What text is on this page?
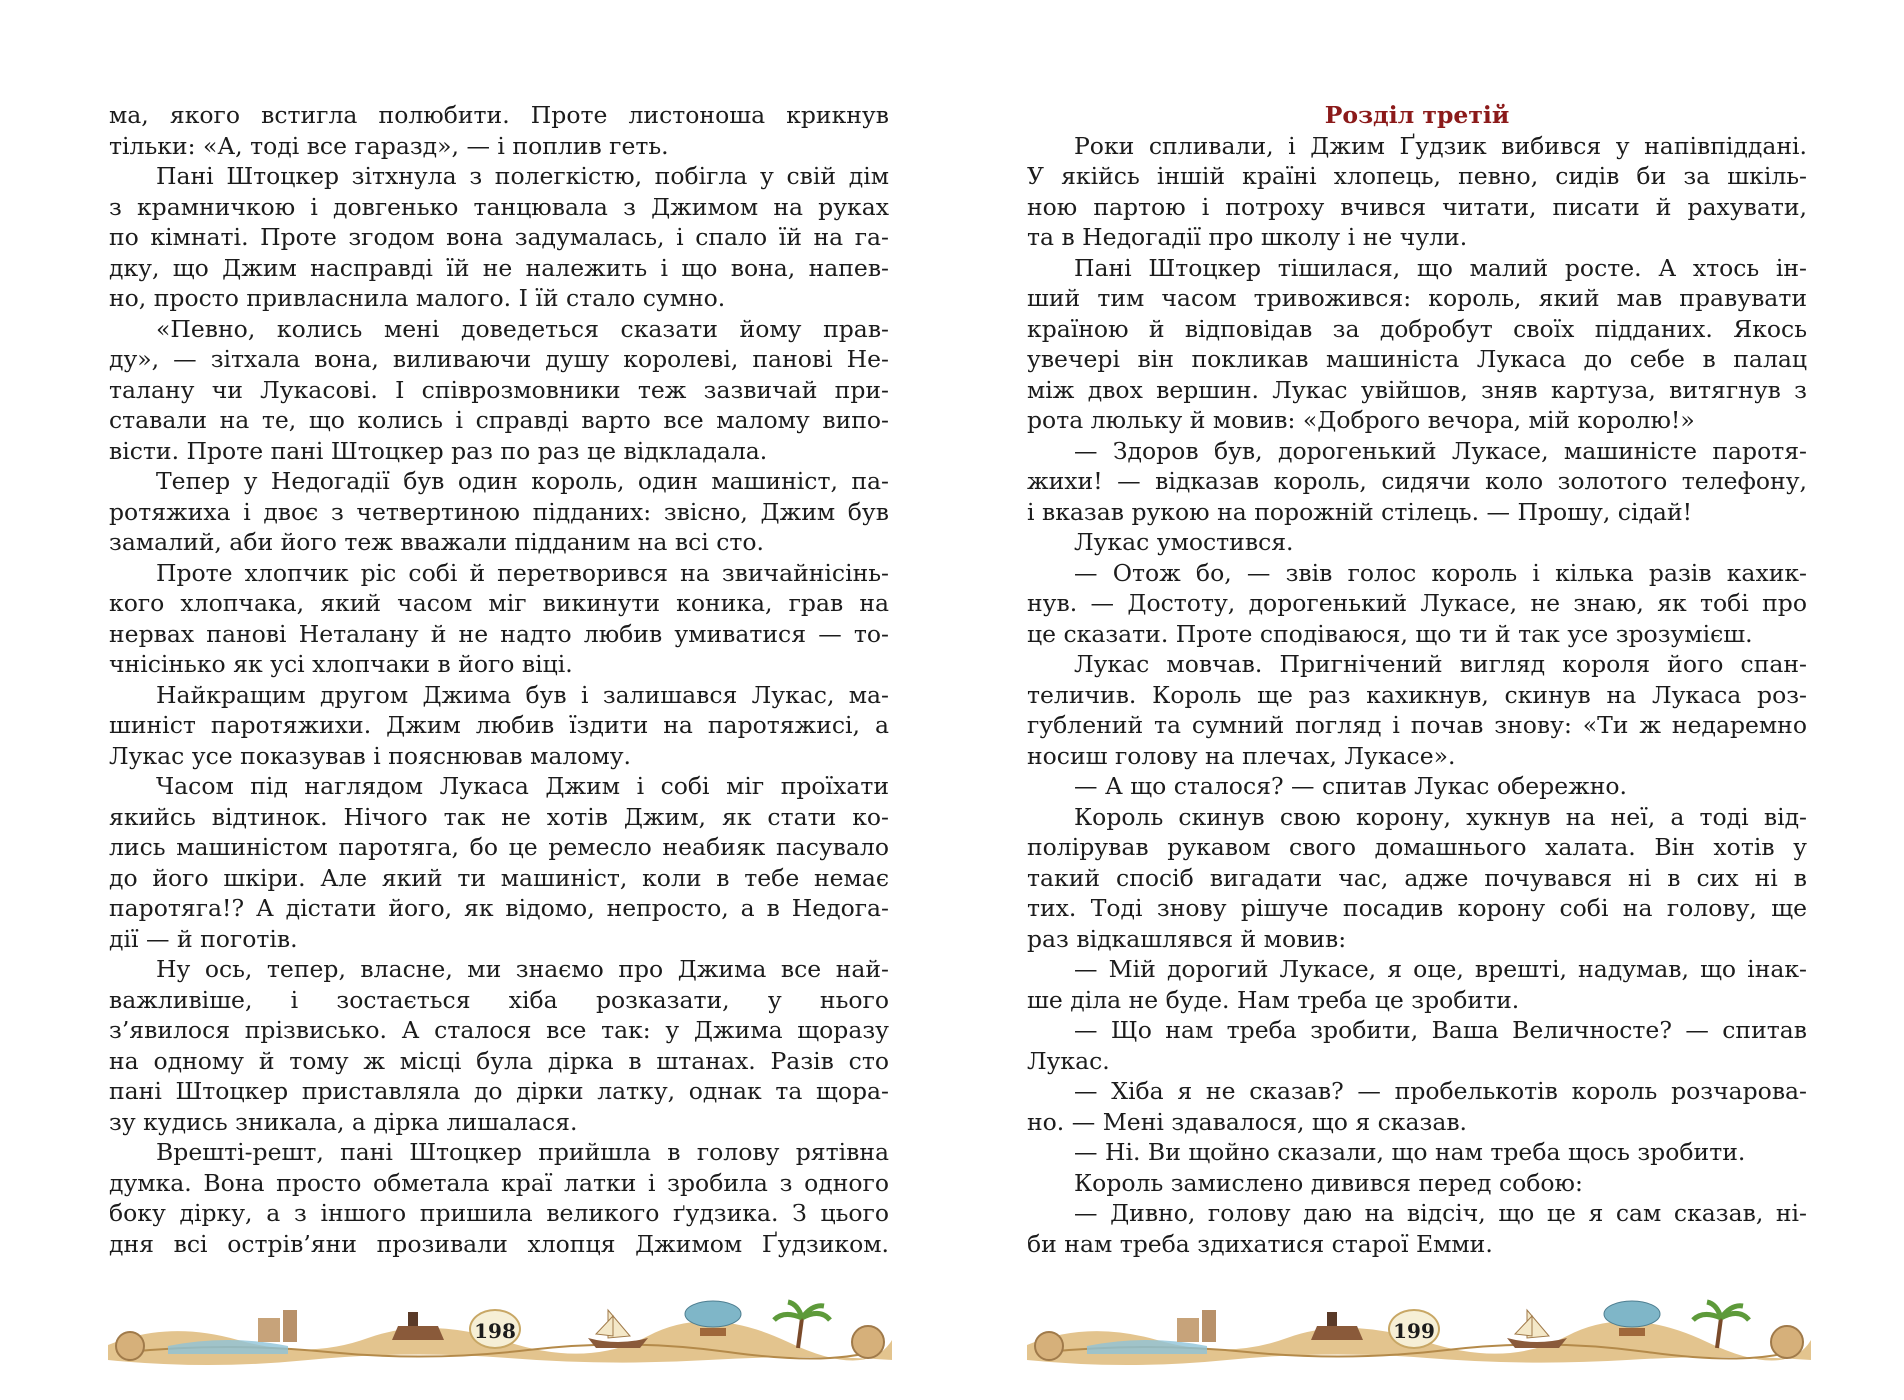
ма, якого встигла полюбити. Проте листоноша крикнув
тільки: «А, тоді все гаразд», — і поплив геть.
Пані Штоцкер зітхнула з полегкістю, побігла у свій дім
з крамничкою і довгенько танцювала з Джимом на руках
по кімнаті. Проте згодом вона задумалась, і спало їй на га-
дку, що Джим насправді їй не належить і що вона, напев-
но, просто привласнила малого. І їй стало сумно.
«Певно, колись мені доведеться сказати йому прав-
ду», — зітхала вона, виливаючи душу королеві, панові Не-
талану чи Лукасові. І співрозмовники теж зазвичай при-
ставали на те, що колись і справді варто все малому випо-
вісти. Проте пані Штоцкер раз по раз це відкладала.
Тепер у Недогадії був один король, один машиніст, па-
ротяжиха і двоє з четвертиною підданих: звісно, Джим був
замалий, аби його теж вважали підданим на всі сто.
Проте хлопчик ріс собі й перетворився на звичайнісінь-
кого хлопчака, який часом міг викинути коника, грав на
нервах панові Неталану й не надто любив умиватися — то-
чнісінько як усі хлопчаки в його віці.
Найкращим другом Джима був і залишався Лукас, ма-
шиніст паротяжихи. Джим любив їздити на паротяжисі, а
Лукас усе показував і пояснював малому.
Часом під наглядом Лукаса Джим і собі міг проїхати
якийсь відтинок. Нічого так не хотів Джим, як стати ко-
лись машиністом паротяга, бо це ремесло неабияк пасувало
до його шкіри. Але який ти машиніст, коли в тебе немає
паротяга!? А дістати його, як відомо, непросто, а в Недога-
дії — й поготів.
Ну ось, тепер, власне, ми знаємо про Джима все най-
важливіше, і зостається хіба розказати, у нього
з’явилося прізвисько. А сталося все так: у Джима щоразу
на одному й тому ж місці була дірка в штанах. Разів сто
пані Штоцкер приставляла до дірки латку, однак та щора-
зу кудись зникала, а дірка лишалася.
Врешті-решт, пані Штоцкер прийшла в голову рятівна
думка. Вона просто обметала краї латки і зробила з одного
боку дірку, а з іншого пришила великого ґудзика. З цього
дня всі острів’яни прозивали хлопця Джимом Ґудзиком.
198
Розділ третій
Роки спливали, і Джим Ґудзик вибився у напівпіддані.
У якійсь іншій країні хлопець, певно, сидів би за шкіль-
ною партою і потроху вчився читати, писати й рахувати,
та в Недогадії про школу і не чули.
Пані Штоцкер тішилася, що малий росте. А хтось ін-
ший тим часом тривожився: король, який мав правувати
країною й відповідав за добробут своїх підданих. Якось
увечері він покликав машиніста Лукаса до себе в палац
між двох вершин. Лукас увійшов, зняв картуза, витягнув з
рота люльку й мовив: «Доброго вечора, мій королю!»
— Здоров був, дорогенький Лукасе, машиністе паротя-
жихи! — відказав король, сидячи коло золотого телефону,
і вказав рукою на порожній стілець. — Прошу, сідай!
Лукас умостився.
— Отож бо, — звів голос король і кілька разів кахик-
нув. — Достоту, дорогенький Лукасе, не знаю, як тобі про
це сказати. Проте сподіваюся, що ти й так усе зрозумієш.
Лукас мовчав. Пригнічений вигляд короля його спан-
теличив. Король ще раз кахикнув, скинув на Лукаса роз-
гублений та сумний погляд і почав знову: «Ти ж недаремно
носиш голову на плечах, Лукасе».
— А що сталося? — спитав Лукас обережно.
Король скинув свою корону, хукнув на неї, а тоді від-
полірував рукавом свого домашнього халата. Він хотів у
такий спосіб вигадати час, адже почувався ні в сих ні в
тих. Тоді знову рішуче посадив корону собі на голову, ще
раз відкашлявся й мовив:
— Мій дорогий Лукасе, я оце, врешті, надумав, що інак-
ше діла не буде. Нам треба це зробити.
— Що нам треба зробити, Ваша Величносте? — спитав
Лукас.
— Хіба я не сказав? — пробелькотів король розчарова-
но. — Мені здавалося, що я сказав.
— Ні. Ви щойно сказали, що нам треба щось зробити.
Король замислено дивився перед собою:
— Дивно, голову даю на відсіч, що це я сам сказав, ні-
би нам треба здихатися старої Емми.
199
